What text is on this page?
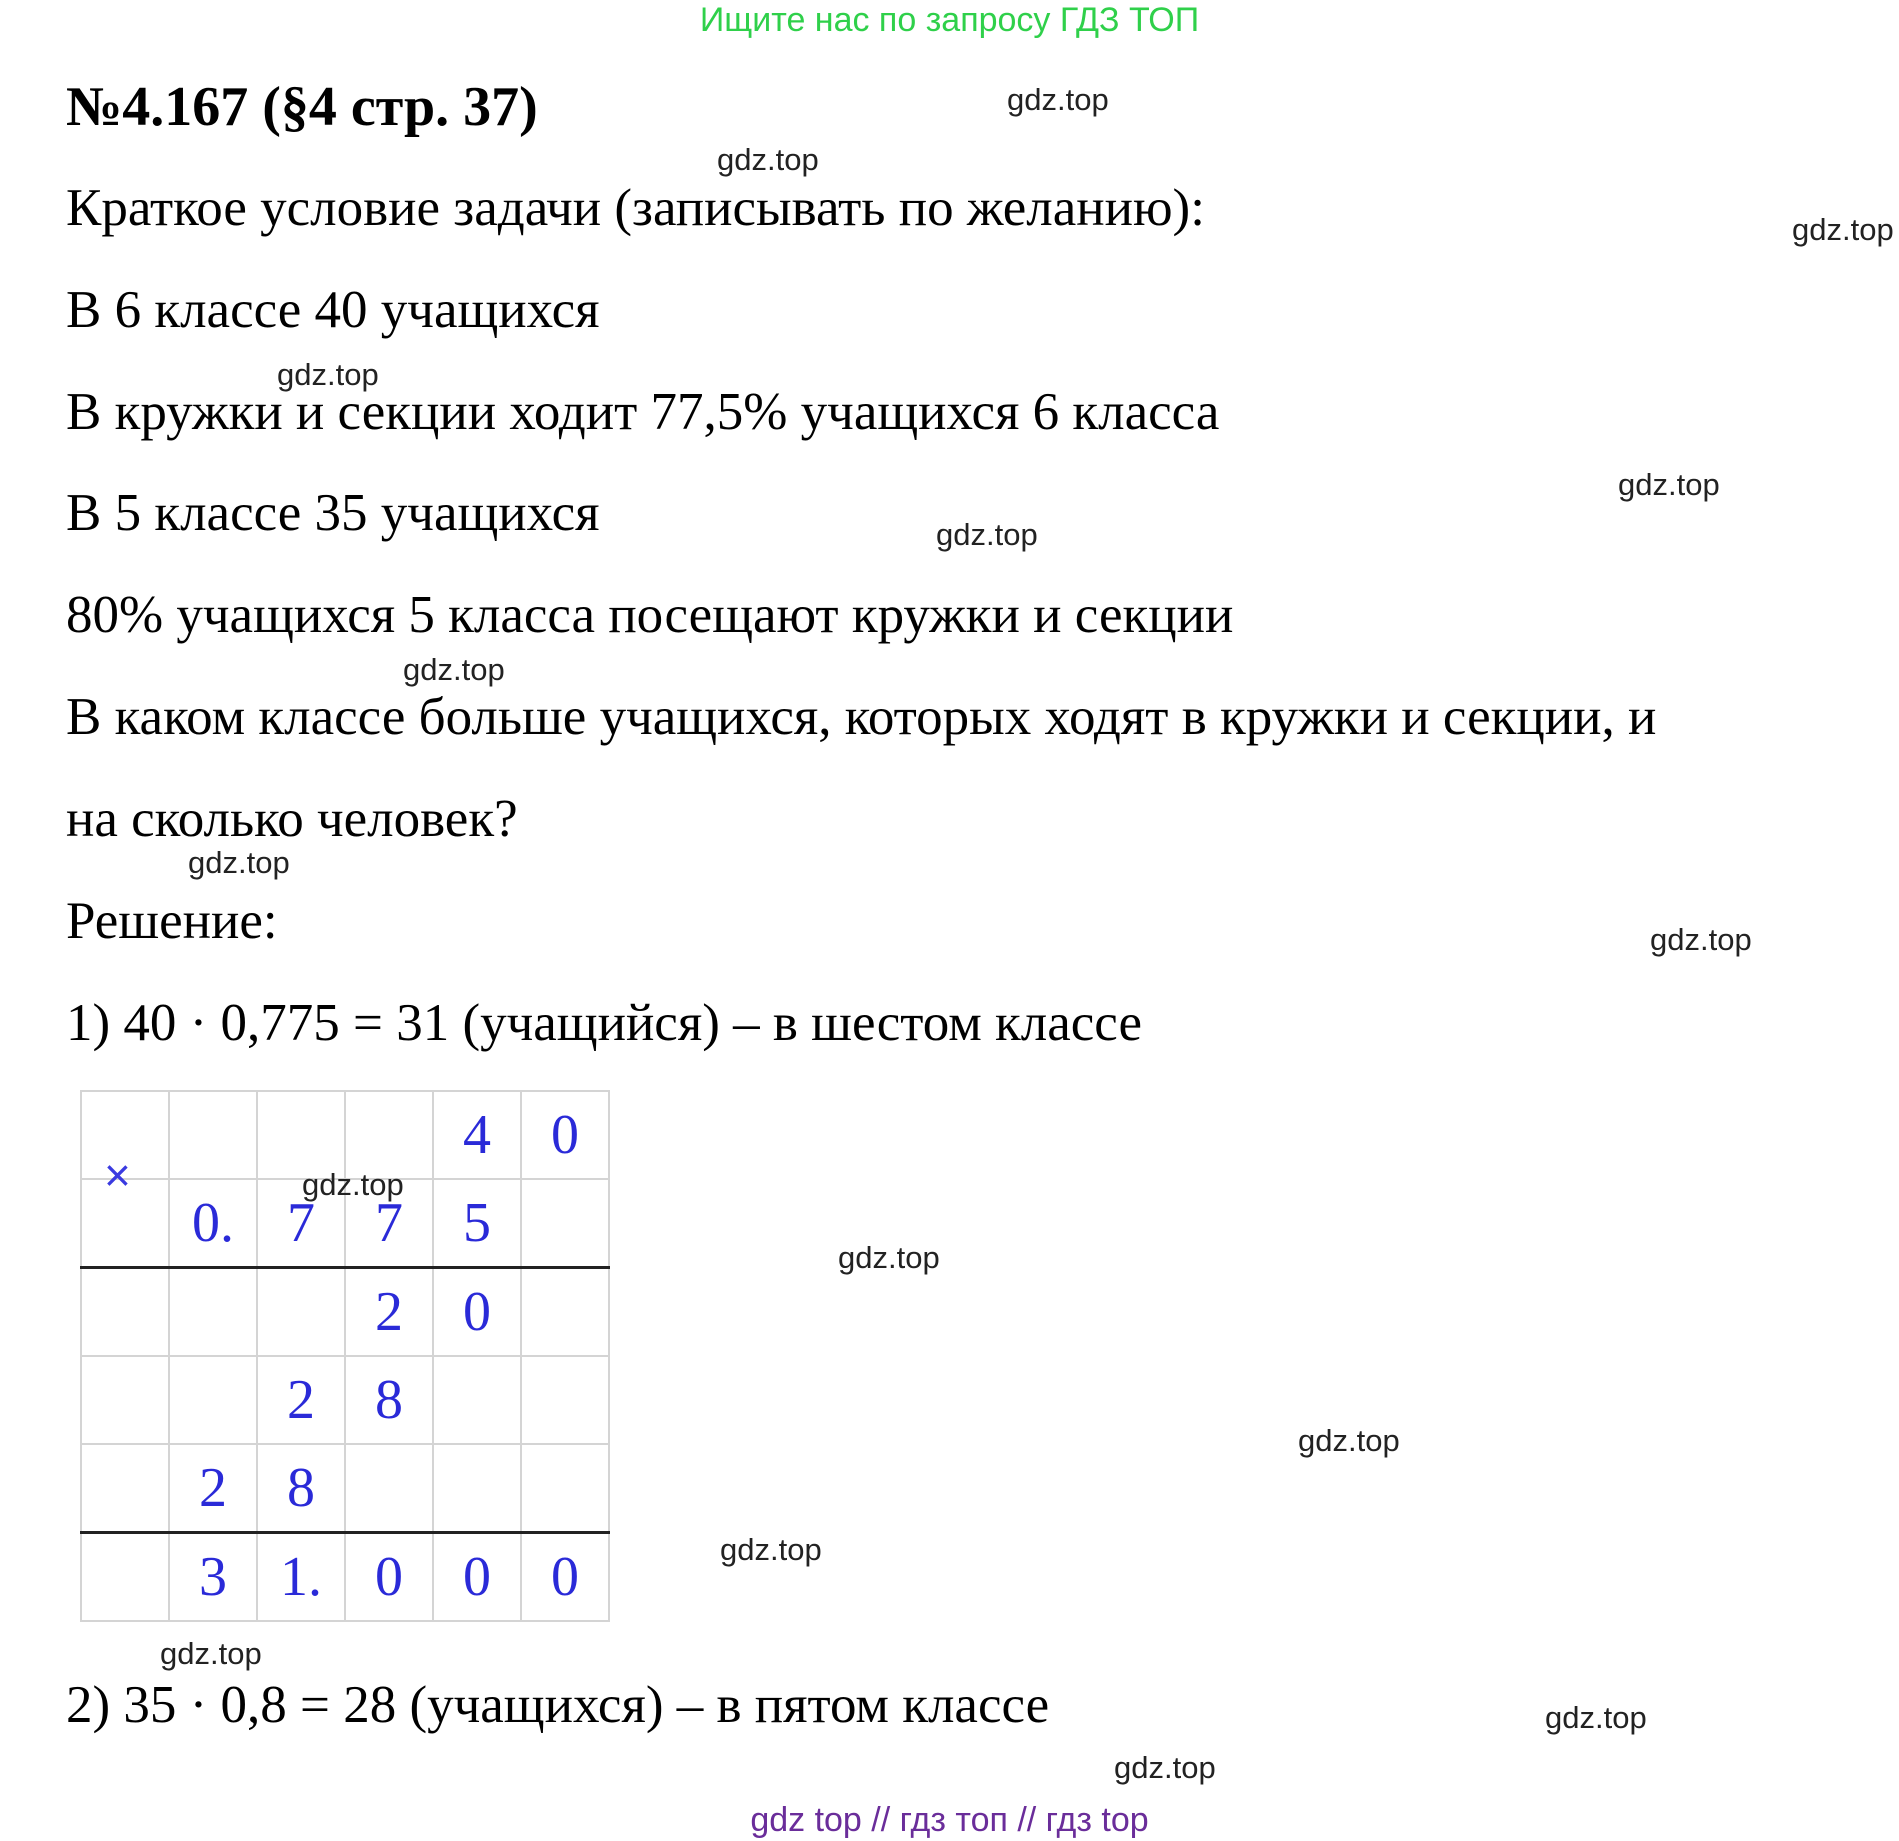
Ищите нас по запросу ГДЗ ТОП
№4.167 (§4 стр. 37)
Краткое условие задачи (записывать по желанию):
В 6 классе 40 учащихся
В кружки и секции ходит 77,5% учащихся 6 класса
В 5 классе 35 учащихся
80% учащихся 5 класса посещают кружки и секции
В каком классе больше учащихся, которых ходят в кружки и секции, и
на сколько человек?
Решение:
1) 40 · 0,775 = 31 (учащийся) – в шестом классе
				4	0
	0.	7	7	5	
			2	0	
		2	8		
	2	8			
	3	1.	0	0	0
×
2) 35 · 0,8 = 28 (учащихся) – в пятом классе
gdz.top
gdz.top
gdz.top
gdz.top
gdz.top
gdz.top
gdz.top
gdz.top
gdz.top
gdz.top
gdz.top
gdz.top
gdz.top
gdz.top
gdz.top
gdz.top
gdz top // гдз топ // гдз top
